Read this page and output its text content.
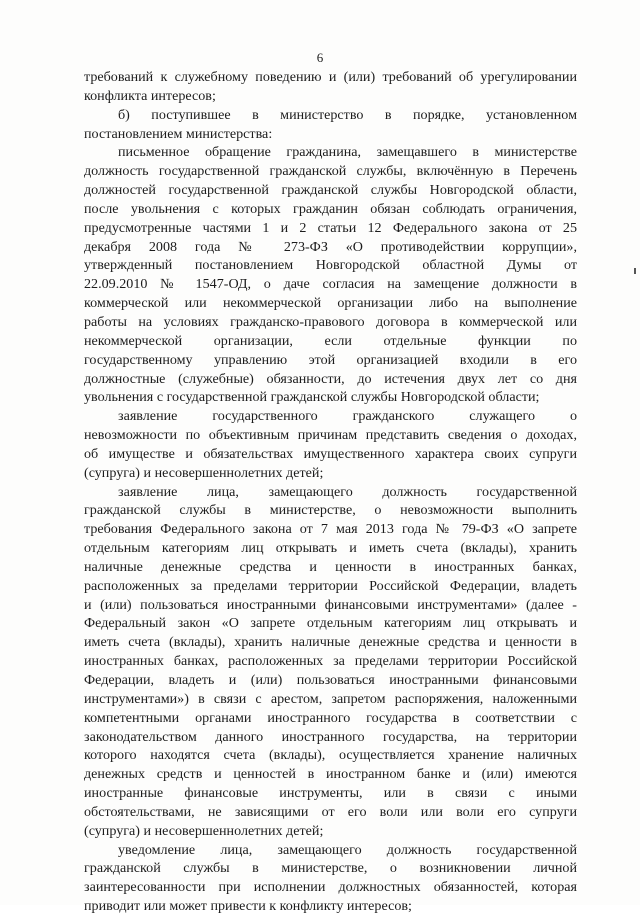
6
требований к служебному поведению и (или) требований об урегулировании
конфликта интересов;
б) поступившее в министерство в порядке, установленном
постановлением министерства:
письменное обращение гражданина, замещавшего в министерстве
должность государственной гражданской службы, включённую в Перечень
должностей государственной гражданской службы Новгородской области,
после увольнения с которых гражданин обязан соблюдать ограничения,
предусмотренные частями 1 и 2 статьи 12 Федерального закона от 25
декабря 2008 года № 273-ФЗ «О противодействии коррупции»,
утвержденный постановлением Новгородской областной Думы от
22.09.2010 № 1547-ОД, о даче согласия на замещение должности в
коммерческой или некоммерческой организации либо на выполнение
работы на условиях гражданско-правового договора в коммерческой или
некоммерческой организации, если отдельные функции по
государственному управлению этой организацией входили в его
должностные (служебные) обязанности, до истечения двух лет со дня
увольнения с государственной гражданской службы Новгородской области;
заявление государственного гражданского служащего о
невозможности по объективным причинам представить сведения о доходах,
об имуществе и обязательствах имущественного характера своих супруги
(супруга) и несовершеннолетних детей;
заявление лица, замещающего должность государственной
гражданской службы в министерстве, о невозможности выполнить
требования Федерального закона от 7 мая 2013 года № 79-ФЗ «О запрете
отдельным категориям лиц открывать и иметь счета (вклады), хранить
наличные денежные средства и ценности в иностранных банках,
расположенных за пределами территории Российской Федерации, владеть
и (или) пользоваться иностранными финансовыми инструментами» (далее -
Федеральный закон «О запрете отдельным категориям лиц открывать и
иметь счета (вклады), хранить наличные денежные средства и ценности в
иностранных банках, расположенных за пределами территории Российской
Федерации, владеть и (или) пользоваться иностранными финансовыми
инструментами») в связи с арестом, запретом распоряжения, наложенными
компетентными органами иностранного государства в соответствии с
законодательством данного иностранного государства, на территории
которого находятся счета (вклады), осуществляется хранение наличных
денежных средств и ценностей в иностранном банке и (или) имеются
иностранные финансовые инструменты, или в связи с иными
обстоятельствами, не зависящими от его воли или воли его супруги
(супруга) и несовершеннолетних детей;
уведомление лица, замещающего должность государственной
гражданской службы в министерстве, о возникновении личной
заинтересованности при исполнении должностных обязанностей, которая
приводит или может привести к конфликту интересов;
